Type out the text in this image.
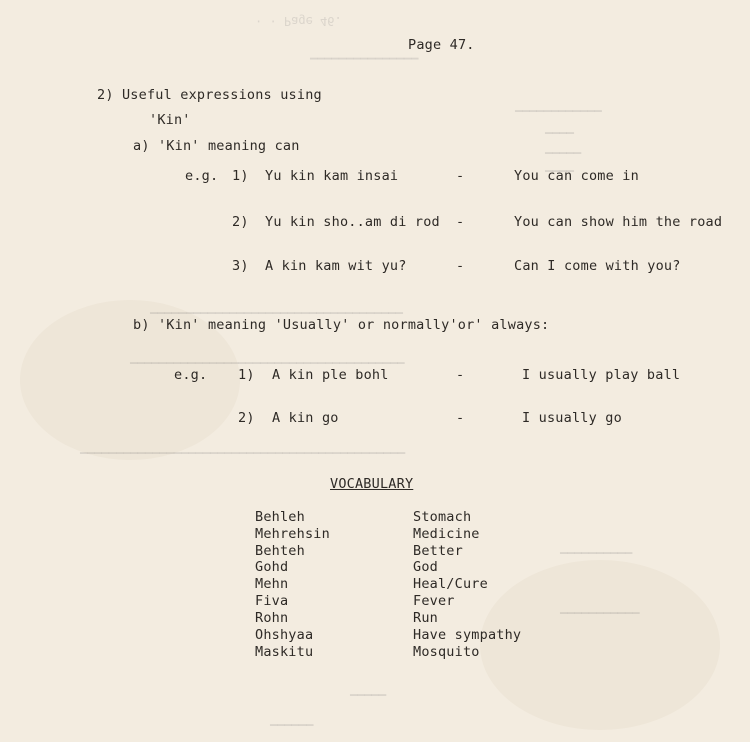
· · Page 46.
▔▔▔▔▔▔▔▔▔▔▔▔▔▔▔
▁▁▁▁▁▁▁▁▁▁▁▁
▁▁▁▁
▁▁▁▁▁
▁▁▁▁
▁▁▁▁▁▁▁▁▁▁▁▁▁▁▁▁▁▁▁▁▁▁▁▁▁▁▁▁▁▁▁▁▁▁▁
▁▁▁▁▁▁▁▁▁▁▁▁▁▁▁▁▁▁▁▁▁▁▁▁▁▁▁▁▁▁▁▁▁▁▁▁▁▁
▁▁▁▁▁▁▁▁▁▁▁▁▁▁▁▁▁▁▁▁▁▁▁▁▁▁▁▁▁▁▁▁▁▁▁▁▁▁▁▁▁▁▁▁▁
▁▁▁▁▁▁▁▁▁▁
▁▁▁▁▁▁▁▁▁▁▁
▁▁▁▁▁
▁▁▁▁▁▁
Page 47.
2) Useful expressions using
'Kin'
a) 'Kin' meaning can
e.g. 1) Yu kin kam insai	-	You can come in
2) Yu kin sho..am di rod -	You can show him the road
3) A kin kam wit yu?	-	Can I come with you?
b) 'Kin' meaning 'Usually' or normally'or' always:
e.g. 1) A kin ple bohl	-	I usually play ball
2) A kin go	-	I usually go
VOCABULARY
Behleh	Stomach
Mehrehsin	Medicine
Behteh	Better
Gohd	God
Mehn	Heal/Cure
Fiva	Fever
Rohn	Run
Ohshyaa	Have sympathy
Maskitu	Mosquito
